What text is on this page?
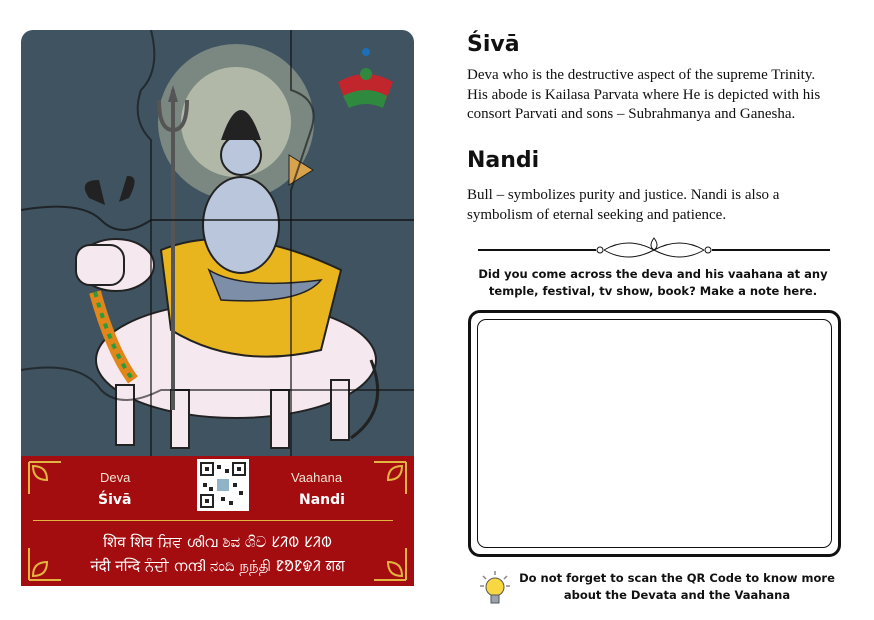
Deva
Śivā
Vaahana
Nandi
शिव शिव ਸ਼ਿਵ ശിവ ಶಿವ ශිව ᱥᱤᱵ ᱥᱤᱵ
नंदी नन्दि ਨੰਦੀ നന്ദി ನಂದಿ நந்தி ᱱᱚᱱᱫᱤ ꠘꠘ
Śivā
Deva who is the destructive aspect of the supreme Trinity. His abode is Kailasa Parvata where He is depicted with his consort Parvati and sons – Subrahmanya and Ganesha.
Nandi
Bull – symbolizes purity and justice. Nandi is also a symbolism of eternal seeking and patience.
Did you come across the deva and his vaahana at any temple, festival, tv show, book? Make a note here.
Do not forget to scan the QR Code to know more about the Devata and the Vaahana
